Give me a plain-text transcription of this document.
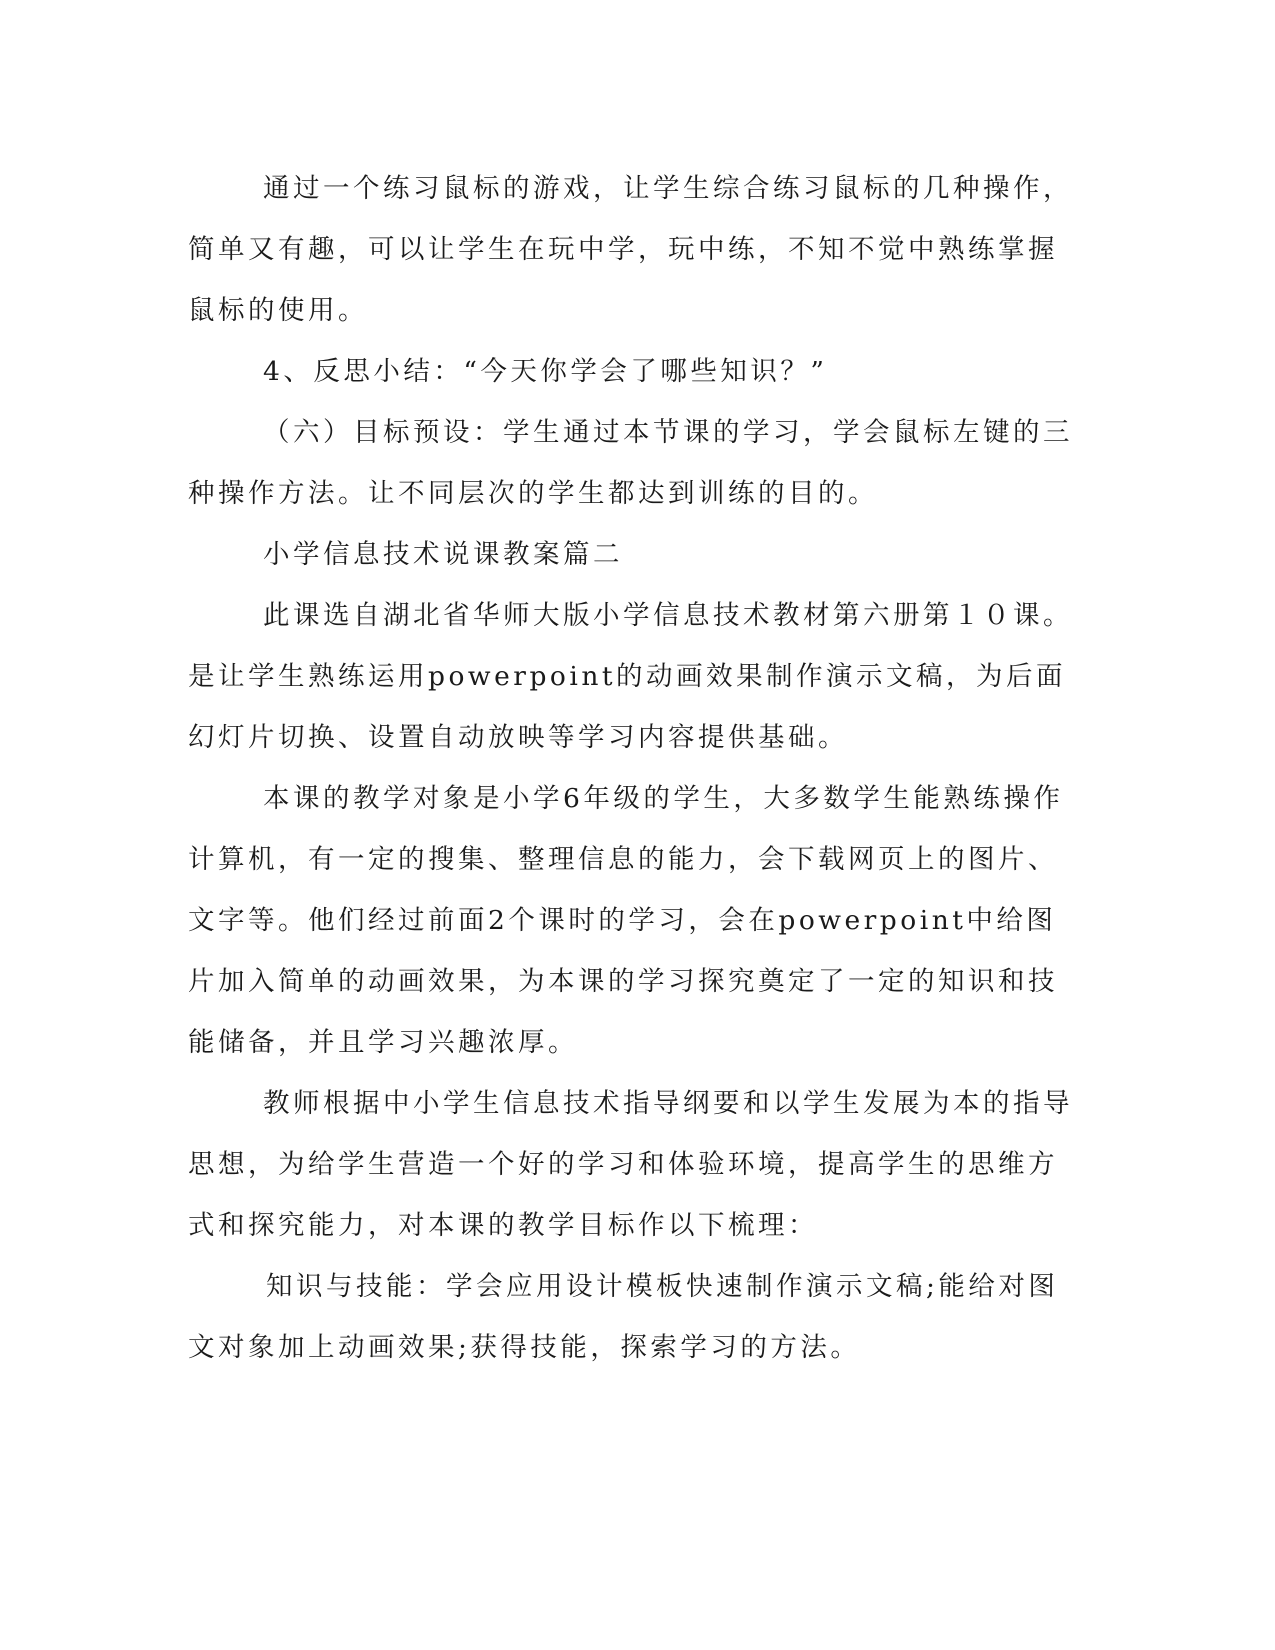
通过一个练习鼠标的游戏，让学生综合练习鼠标的几种操作，简单又有趣，可以让学生在玩中学，玩中练，不知不觉中熟练掌握鼠标的使用。

4、反思小结：“今天你学会了哪些知识？”

（六）目标预设：学生通过本节课的学习，学会鼠标左键的三种操作方法。让不同层次的学生都达到训练的目的。

小学信息技术说课教案篇二

此课选自湖北省华师大版小学信息技术教材第六册第１０课。是让学生熟练运用powerpoint的动画效果制作演示文稿，为后面幻灯片切换、设置自动放映等学习内容提供基础。

本课的教学对象是小学6年级的学生，大多数学生能熟练操作计算机，有一定的搜集、整理信息的能力，会下载网页上的图片、文字等。他们经过前面2个课时的学习，会在powerpoint中给图片加入简单的动画效果，为本课的学习探究奠定了一定的知识和技能储备，并且学习兴趣浓厚。

教师根据中小学生信息技术指导纲要和以学生发展为本的指导思想，为给学生营造一个好的学习和体验环境，提高学生的思维方式和探究能力，对本课的教学目标作以下梳理：

知识与技能：学会应用设计模板快速制作演示文稿;能给对图文对象加上动画效果;获得技能，探索学习的方法。
